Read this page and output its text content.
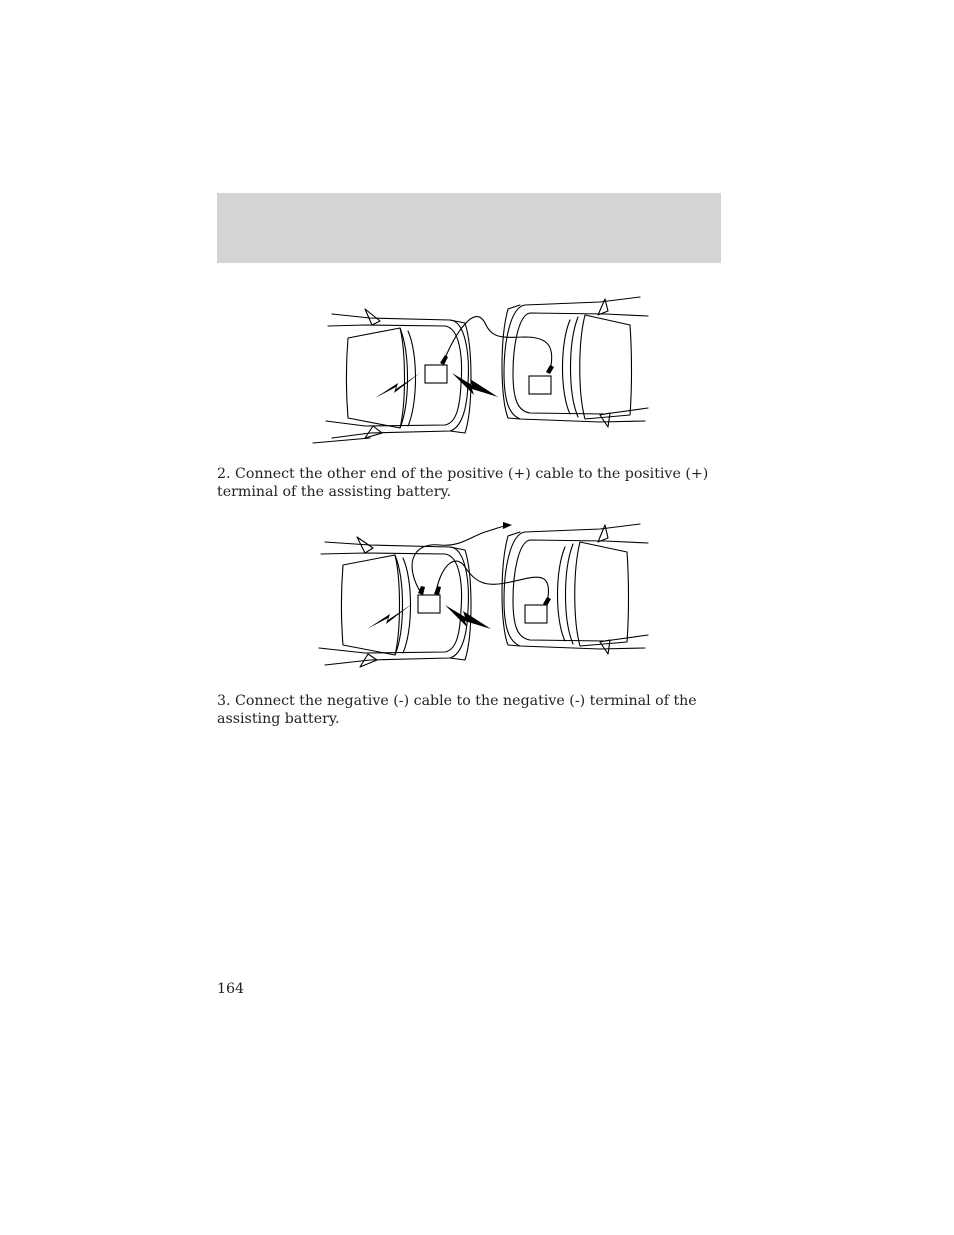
2. Connect the other end of the positive (+) cable to the positive (+) terminal of the assisting battery.
3. Connect the negative (-) cable to the negative (-) terminal of the assisting battery.
164
